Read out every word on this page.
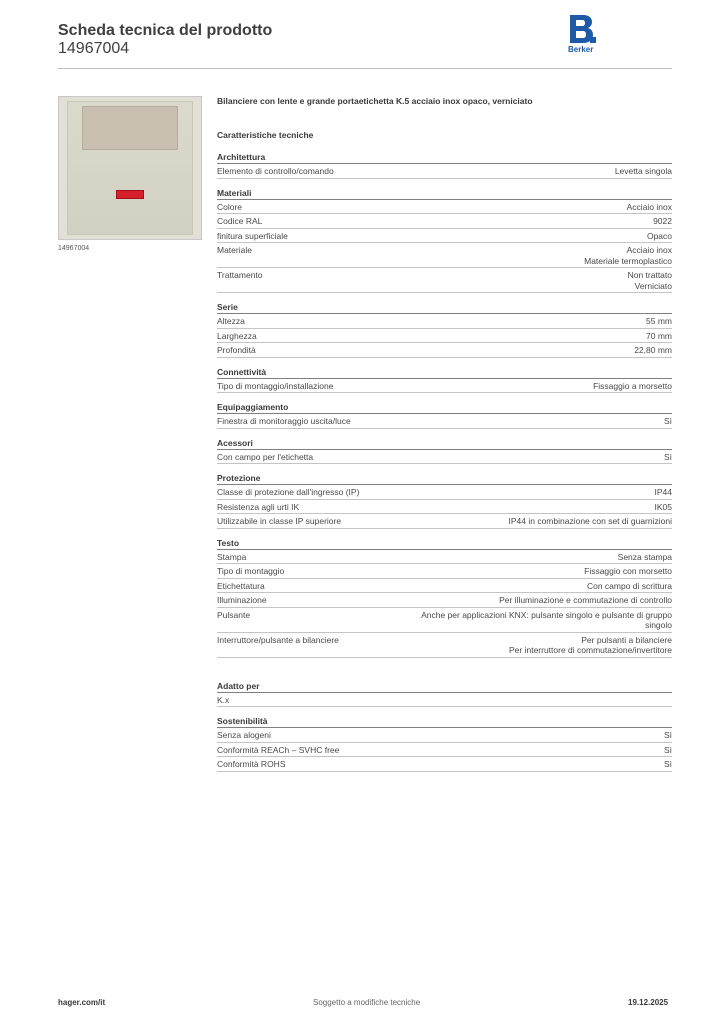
Scheda tecnica del prodotto
14967004	Berker
14967004
Bilanciere con lente e grande portaetichetta K.5 acciaio inox opaco, verniciato
Caratteristiche tecniche
Architettura
Elemento di controllo/comando	Levetta singola
Materiali
Colore	Acciaio inox
Codice RAL	9022
finitura superficiale	Opaco
Materiale	Acciaio inox
Materiale termoplastico
Trattamento	Non trattato
Verniciato
Serie
Altezza	55 mm
Larghezza	70 mm
Profondità	22,80 mm
Connettività
Tipo di montaggio/installazione	Fissaggio a morsetto
Equipaggiamento
Finestra di monitoraggio uscita/luce	Sì
Acessori
Con campo per l'etichetta	Sì
Protezione
Classe di protezione dall'ingresso (IP)	IP44
Resistenza agli urti IK	IK05
Utilizzabile in classe IP superiore	IP44 in combinazione con set di guarnizioni
Testo
Stampa	Senza stampa
Tipo di montaggio	Fissaggio con morsetto
Etichettatura	Con campo di scrittura
Illuminazione	Per illuminazione e commutazione di controllo
Pulsante	Anche per applicazioni KNX: pulsante singolo e pulsante di gruppo
singolo
Interruttore/pulsante a bilanciere	Per pulsanti a bilanciere
Per interruttore di commutazione/invertitore
Adatto per
K.x
Sostenibilità
Senza alogeni	Sì
Conformità REACh – SVHC free	Sì
Conformità ROHS	Sì
hager.com/it	Soggetto a modifiche tecniche	19.12.2025
